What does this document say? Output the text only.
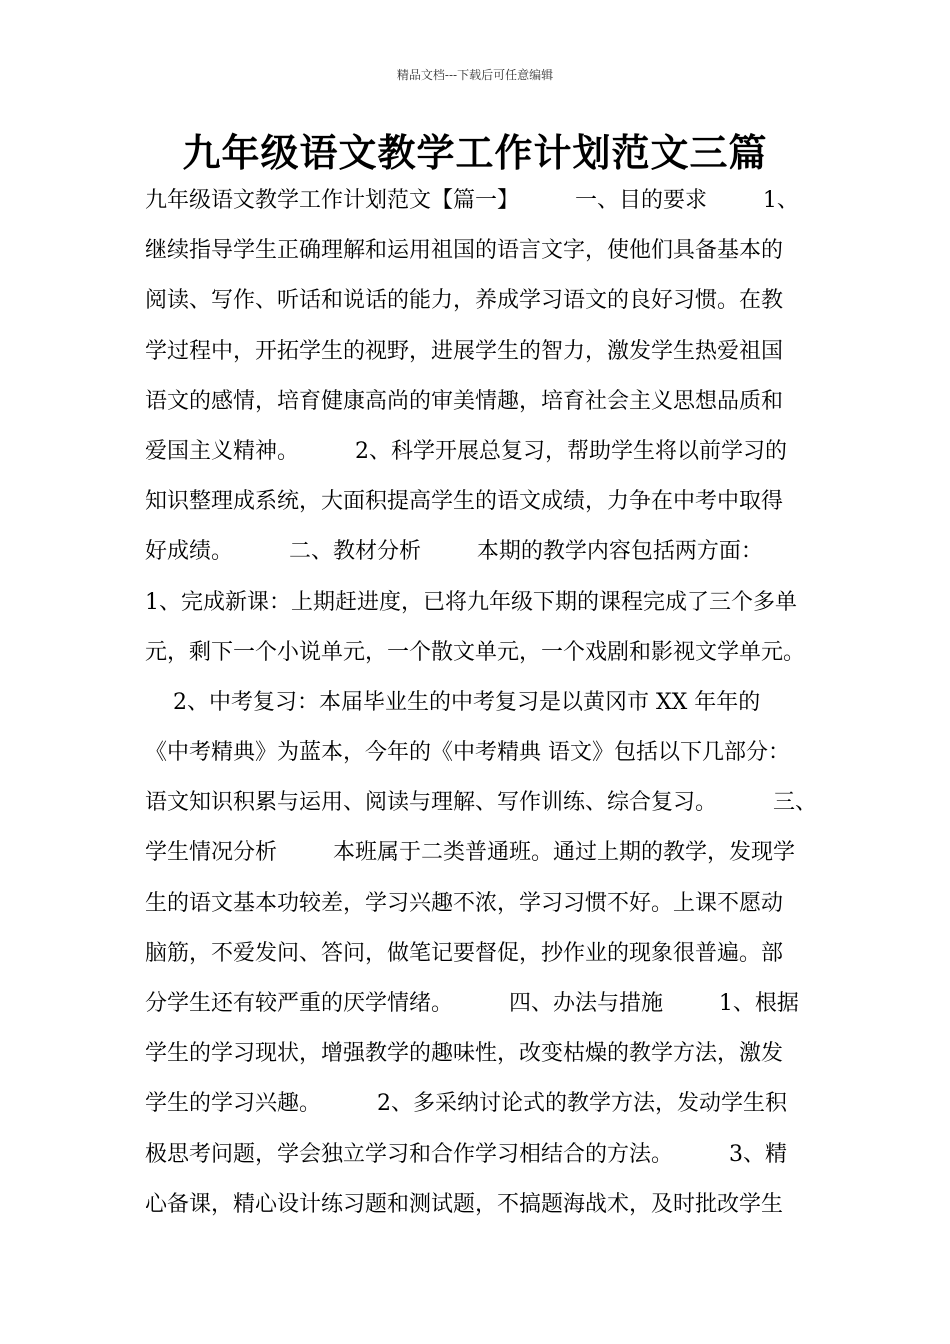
精品文档---下载后可任意编辑
九年级语文教学工作计划范文三篇
九年级语文教学工作计划范文【篇一】        一、目的要求        1、
继续指导学生正确理解和运用祖国的语言文字，使他们具备基本的
阅读、写作、听话和说话的能力，养成学习语文的良好习惯。在教
学过程中，开拓学生的视野，进展学生的智力，激发学生热爱祖国
语文的感情，培育健康高尚的审美情趣，培育社会主义思想品质和
爱国主义精神。        2、科学开展总复习，帮助学生将以前学习的
知识整理成系统，大面积提高学生的语文成绩，力争在中考中取得
好成绩。        二、教材分析        本期的教学内容包括两方面：
1、完成新课：上期赶进度，已将九年级下期的课程完成了三个多单
元，剩下一个小说单元，一个散文单元，一个戏剧和影视文学单元。
2、中考复习：本届毕业生的中考复习是以黄冈市 XX 年年的
《中考精典》为蓝本，今年的《中考精典 语文》包括以下几部分：
语文知识积累与运用、阅读与理解、写作训练、综合复习。        三、
学生情况分析        本班属于二类普通班。通过上期的教学，发现学
生的语文基本功较差，学习兴趣不浓，学习习惯不好。上课不愿动
脑筋，不爱发问、答问，做笔记要督促，抄作业的现象很普遍。部
分学生还有较严重的厌学情绪。        四、办法与措施        1、根据
学生的学习现状，增强教学的趣味性，改变枯燥的教学方法，激发
学生的学习兴趣。        2、多采纳讨论式的教学方法，发动学生积
极思考问题，学会独立学习和合作学习相结合的方法。        3、精
心备课，精心设计练习题和测试题，不搞题海战术，及时批改学生
